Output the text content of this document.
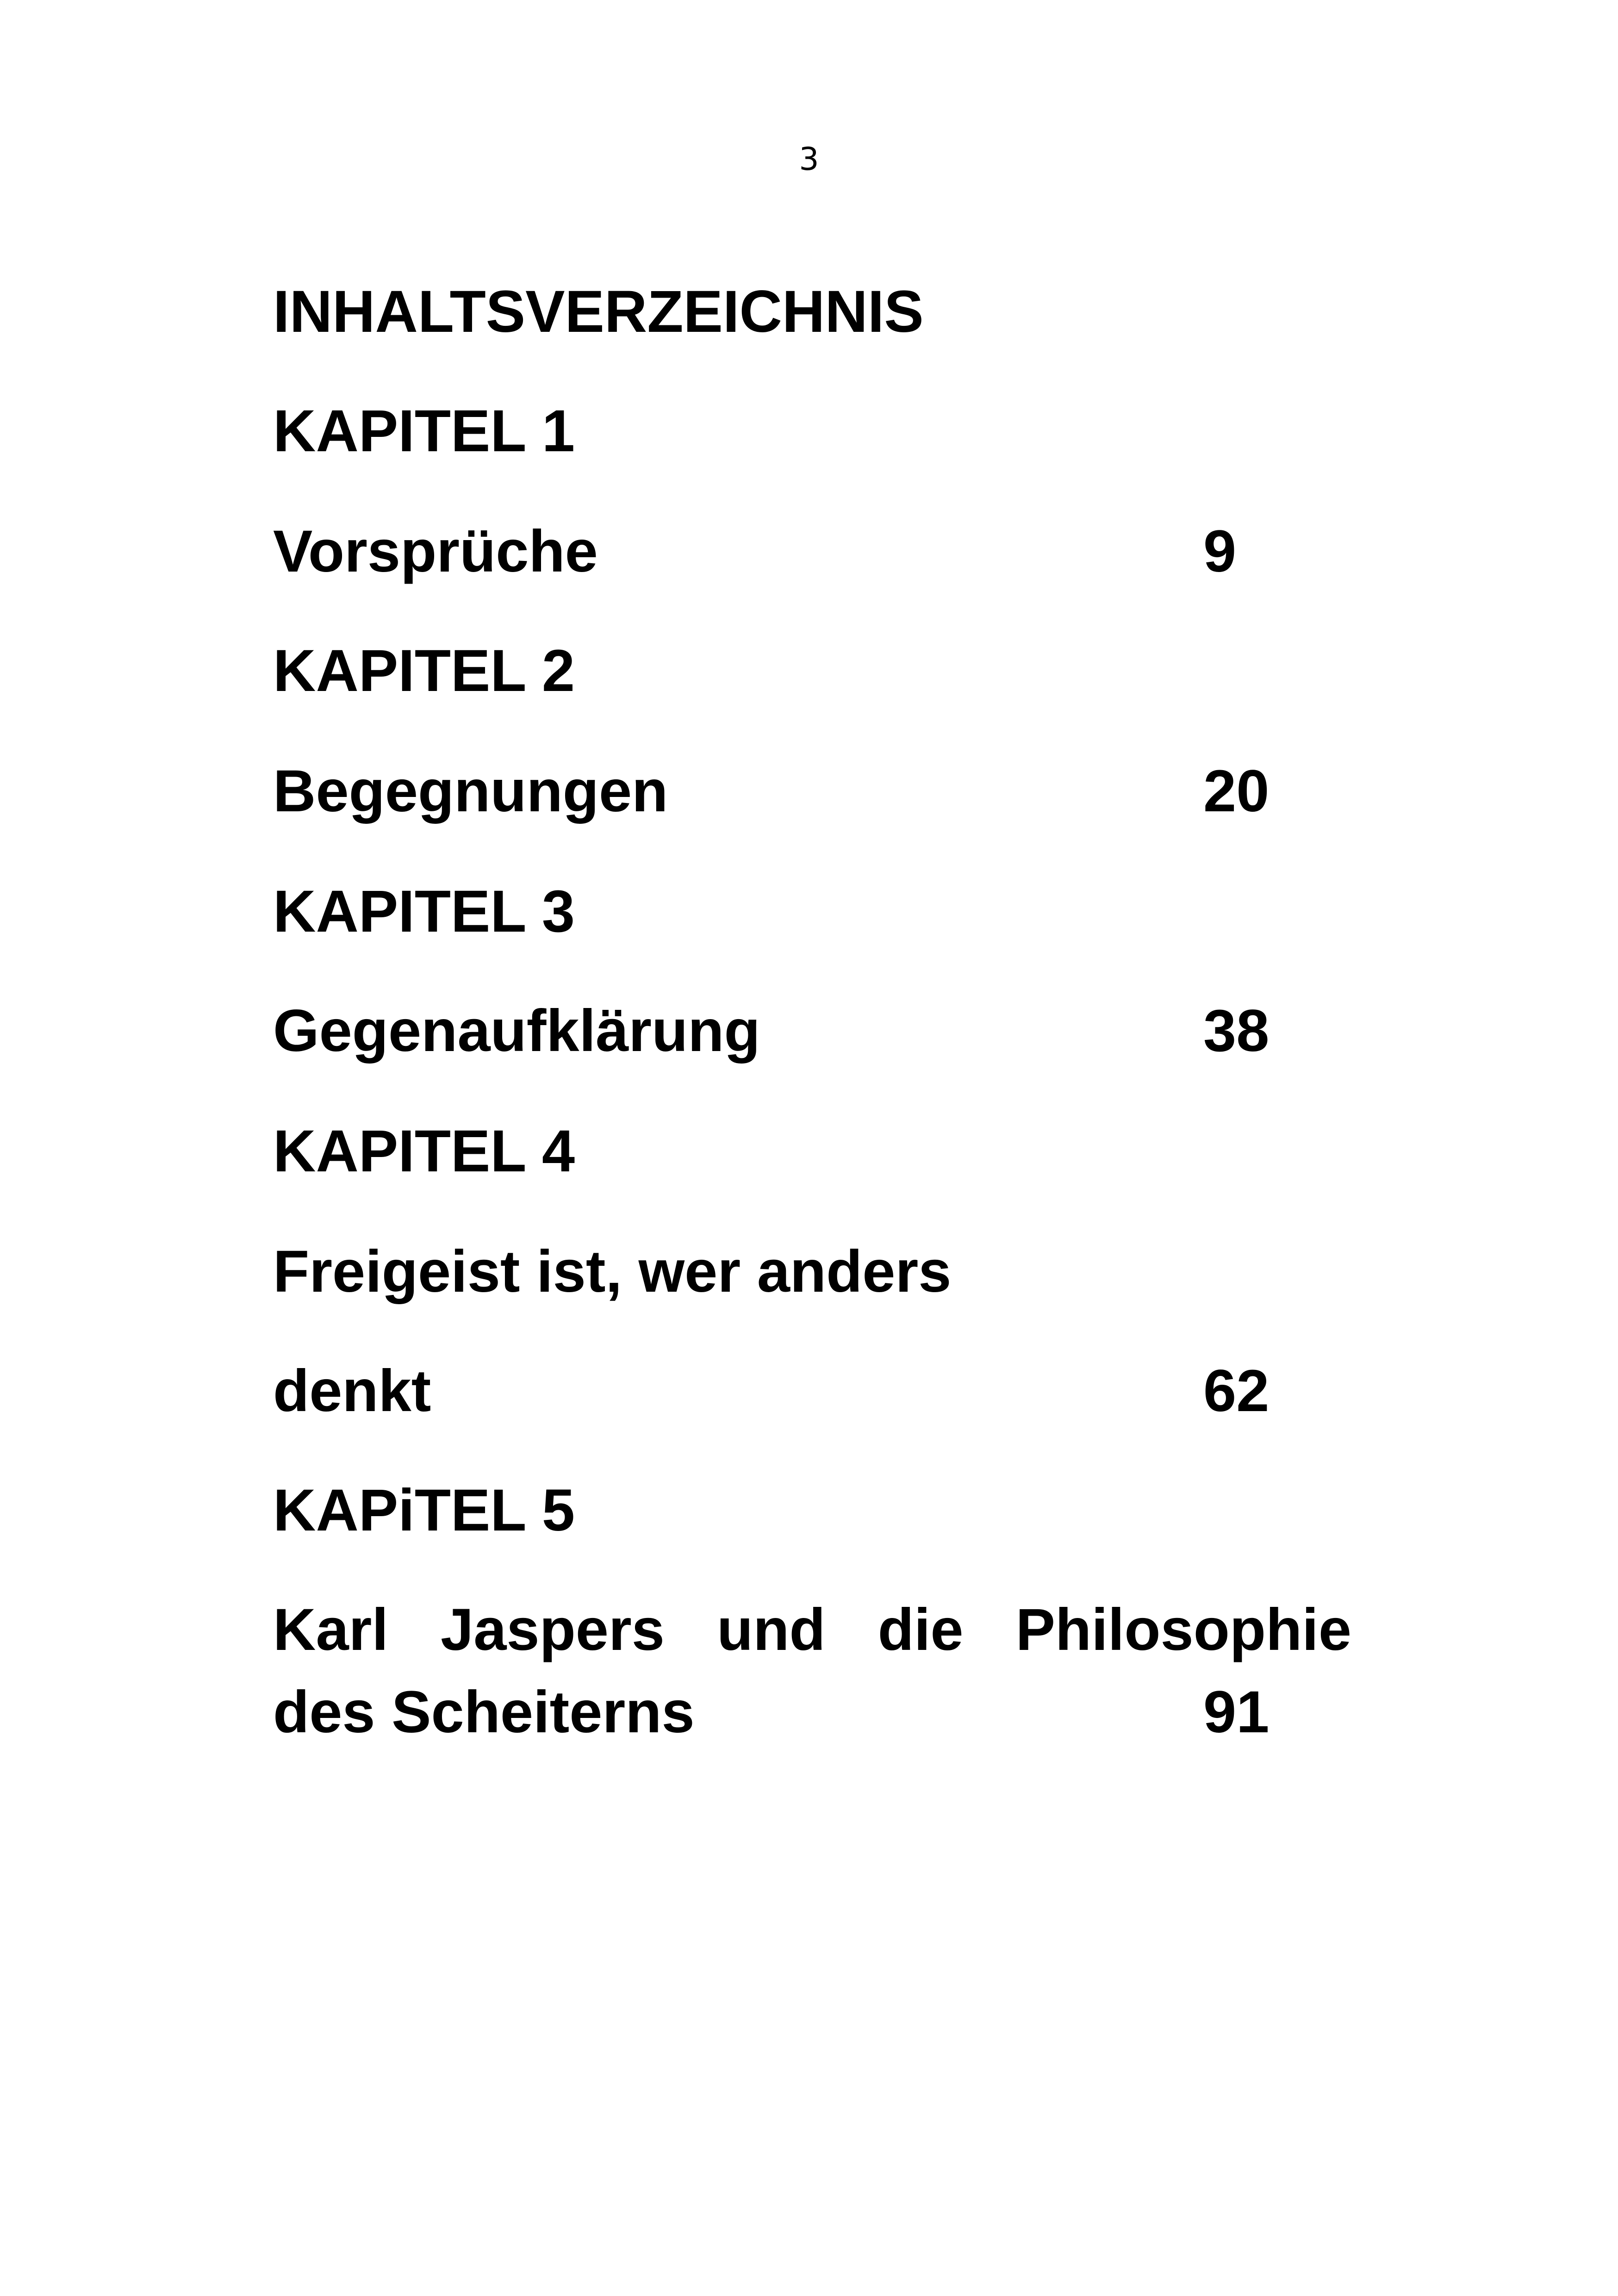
3
INHALTSVERZEICHNIS
KAPITEL 1
Vorsprüche	9
KAPITEL 2
Begegnungen	20
KAPITEL 3
Gegenaufklärung	38
KAPITEL 4
Freigeist ist, wer anders
denkt	62
KAPiTEL 5
Karl Jaspers und die Philosophie
des Scheiterns	91
